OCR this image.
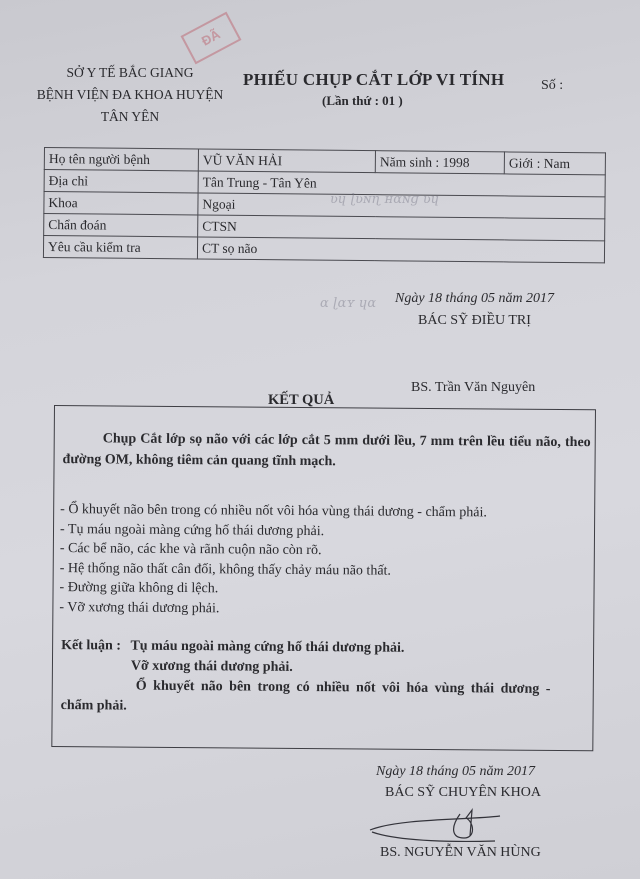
ĐÃ
SỞ Y TẾ BẮC GIANG
BỆNH VIỆN ĐA KHOA HUYỆN
TÂN YÊN
PHIẾU CHỤP CẮT LỚP VI TÍNH
(Lần thứ : 01 )
Số :
Họ tên người bệnh	VŨ VĂN HẢI	Năm sinh : 1998	Giới : Nam
Địa chỉ	Tân Trung - Tân Yên		
Khoa	Ngoại		
Chẩn đoán	CTSN		
Yêu cầu kiểm tra	CT sọ não		
ʋɥ ɭʋɴɳ ʜɑɴɡ ʋɥ
ɑ ɭɑʏ ɥɑ Ngày 18 tháng 05 năm 2017
BÁC SỸ ĐIỀU TRỊ
BS. Trần Văn Nguyên
KẾT QUẢ
Chụp Cắt lớp sọ não với các lớp cắt 5 mm dưới lều, 7 mm trên lều tiểu não, theo đường OM, không tiêm cản quang tĩnh mạch.
- Ổ khuyết não bên trong có nhiều nốt vôi hóa vùng thái dương - chẩm phải.
- Tụ máu ngoài màng cứng hố thái dương phải.
- Các bể não, các khe và rãnh cuộn não còn rõ.
- Hệ thống não thất cân đối, không thấy chảy máu não thất.
- Đường giữa không di lệch.
- Vỡ xương thái dương phải.
Kết luận : Tụ máu ngoài màng cứng hố thái dương phải.
Vỡ xương thái dương phải.
Ổ khuyết não bên trong có nhiều nốt vôi hóa vùng thái dương -
chẩm phải.
Ngày 18 tháng 05 năm 2017
BÁC SỸ CHUYÊN KHOA
BS. NGUYỄN VĂN HÙNG
